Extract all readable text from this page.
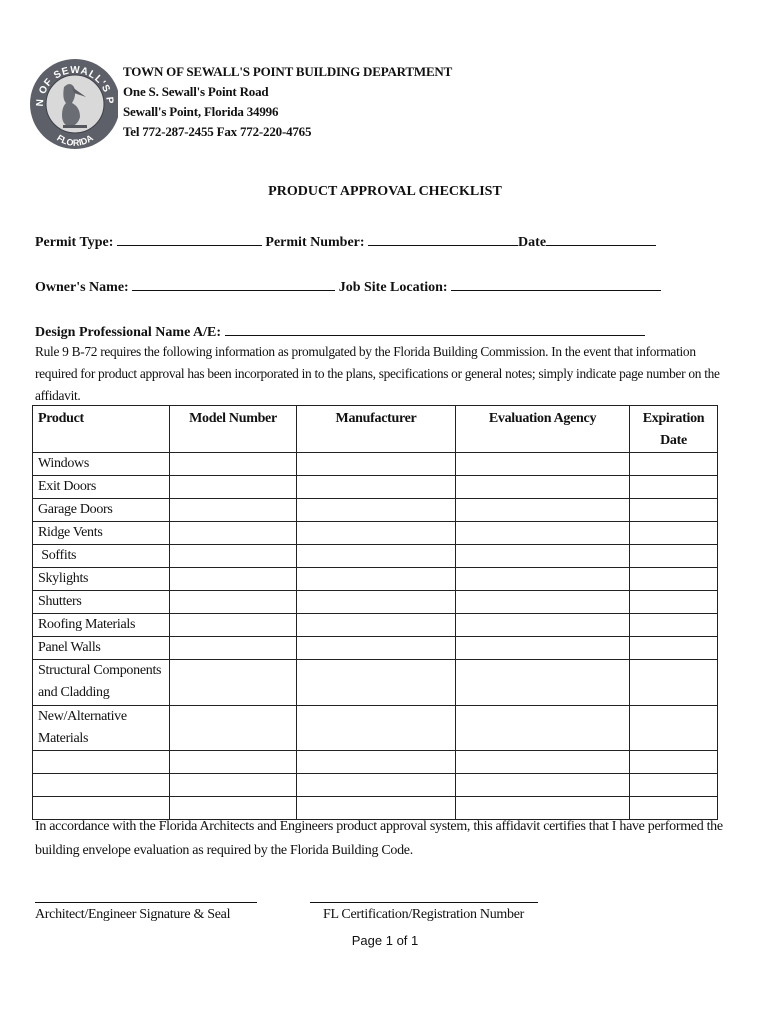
N OF SEWALL'S P
FLORIDA
TOWN OF SEWALL'S POINT BUILDING DEPARTMENT
One S. Sewall's Point Road
Sewall's Point, Florida 34996
Tel 772-287-2455 Fax 772-220-4765
PRODUCT APPROVAL CHECKLIST
Permit Type:	Permit Number:	Date
Owner's Name:	Job Site Location:
Design Professional Name A/E:
Rule 9 B-72 requires the following information as promulgated by the Florida Building Commission. In the event that information required for product approval has been incorporated in to the plans, specifications or general notes; simply indicate page number on the affidavit.
Product	Model Number	Manufacturer	Evaluation Agency	Expiration Date
Windows				
Exit Doors				
Garage Doors				
Ridge Vents				
Soffits				
Skylights				
Shutters				
Roofing Materials				
Panel Walls				
Structural Components and Cladding				
New/Alternative Materials				

In accordance with the Florida Architects and Engineers product approval system, this affidavit certifies that I have performed the building envelope evaluation as required by the Florida Building Code.
Architect/Engineer Signature & Seal	FL Certification/Registration Number
Page 1 of 1
